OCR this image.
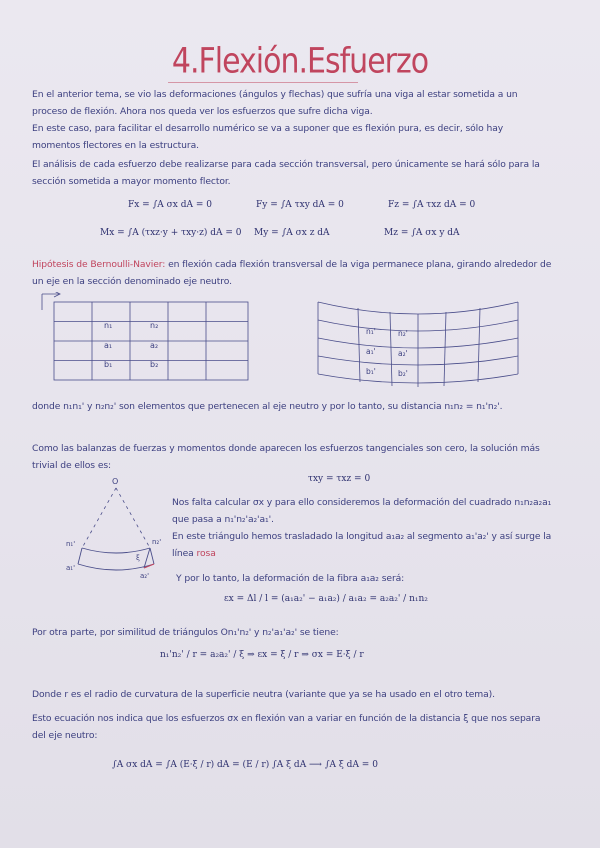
4.Flexión.Esfuerzo
En el anterior tema, se vio las deformaciones (ángulos y flechas) que sufría una viga al estar sometida a un proceso de flexión. Ahora nos queda ver los esfuerzos que sufre dicha viga.
En este caso, para facilitar el desarrollo numérico se va a suponer que es flexión pura, es decir, sólo hay momentos flectores en la estructura.
El análisis de cada esfuerzo debe realizarse para cada sección transversal, pero únicamente se hará sólo para la sección sometida a mayor momento flector.
Fx = ∫A σx dA = 0	Fy = ∫A τxy dA = 0	Fz = ∫A τxz dA = 0
Mx = ∫A (τxz·y + τxy·z) dA = 0 My = ∫A σx z dA	Mz = ∫A σx y dA
Hipótesis de Bernoulli-Navier: en flexión cada flexión transversal de la viga permanece plana, girando alrededor de un eje en la sección denominado eje neutro.
n₁	n₂
a₁	a₂
b₁	b₂
n₁'	n₂'
a₁'	a₂'
b₁'	b₂'
donde n₁n₁' y n₂n₂' son elementos que pertenecen al eje neutro y por lo tanto, su distancia n₁n₂ = n₁'n₂'.
Como las balanzas de fuerzas y momentos donde aparecen los esfuerzos tangenciales son cero, la solución más trivial de ellos es:
τxy = τxz = 0
O
n₁'	n₂'
a₁'
a₂'
ξ
Nos falta calcular σx y para ello consideremos la deformación del cuadrado n₁n₂a₂a₁ que pasa a n₁'n₂'a₂'a₁'.
En este triángulo hemos trasladado la longitud a₁a₂ al segmento a₁'a₂' y así surge la línea rosa
Y por lo tanto, la deformación de la fibra a₁a₂ será:
εx = Δl / l = (a₁a₂' − a₁a₂) / a₁a₂ = a₂a₂' / n₁n₂
Por otra parte, por similitud de triángulos On₁'n₂' y n₂'a₁'a₂' se tiene:
n₁'n₂' / r = a₂a₂' / ξ ⇒ εx = ξ / r ⇒ σx = E·ξ / r
Donde r es el radio de curvatura de la superficie neutra (variante que ya se ha usado en el otro tema).
Esto ecuación nos indica que los esfuerzos σx en flexión van a variar en función de la distancia ξ que nos separa del eje neutro:
∫A σx dA = ∫A (E·ξ / r) dA = (E / r) ∫A ξ dA ⟶ ∫A ξ dA = 0
